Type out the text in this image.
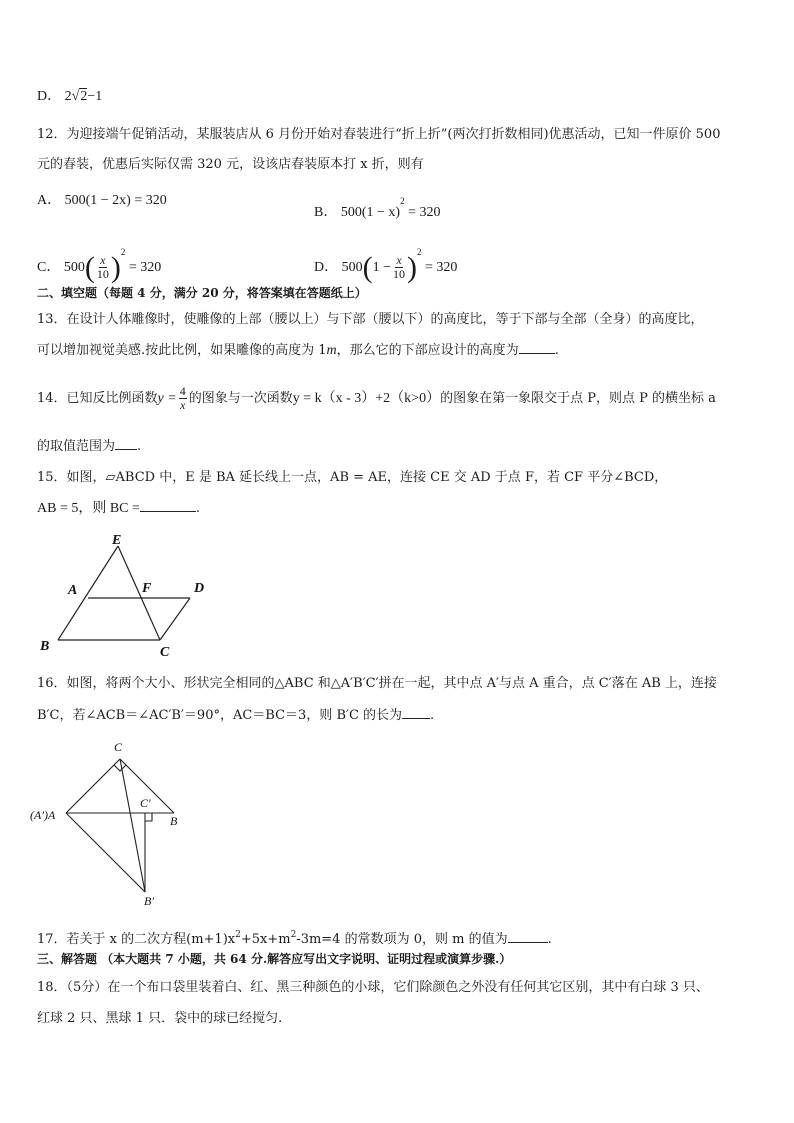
D． 2√2−1
12．为迎接端午促销活动，某服装店从 6 月份开始对春装进行“折上折”(两次打折数相同)优惠活动，已知一件原价 500
元的春装，优惠后实际仅需 320 元，设该店春装原本打 x 折，则有
A． 500(1 − 2x) = 320
B． $500(1 - x)^2 = 320$
C． $500( \frac{x}{10} )^2 = 320$	D． $500(1 - \frac{x}{10} )^2 = 320$
二、填空题（每题 4 分，满分 20 分，将答案填在答题纸上）
13．在设计人体雕像时，使雕像的上部（腰以上）与下部（腰以下）的高度比，等于下部与全部（全身）的高度比，
可以增加视觉美感.按此比例，如果雕像的高度为 1m，那么它的下部应设计的高度为	.
14．已知反比例函数$y = \frac{4}{x}$ 的图象与一次函数y = k（x - 3）+2（k>0）的图象在第一象限交于点 P，则点 P 的横坐标 a
的取值范围为 .
15．如图，▱ABCD 中，E 是 BA 延长线上一点，AB = AE，连接 CE 交 AD 于点 F，若 CF 平分∠BCD，
AB = 5，则 BC =	.
E
A	F	D
B	C
16．如图，将两个大小、形状完全相同的△ABC 和△A′B′C′拼在一起，其中点 A′与点 A 重合，点 C′落在 AB 上，连接
B′C，若∠ACB＝∠AC′B′＝90°，AC＝BC＝3，则 B′C 的长为 .
C
(A′)A
C′
B
B′
17．若关于 x 的二次方程$(m+1)x^2+5x+m^2-3m=4$ 的常数项为 0，则 m 的值为	.
三、解答题 （本大题共 7 小题，共 64 分.解答应写出文字说明、证明过程或演算步骤.）
18．（5分）在一个布口袋里装着白、红、黑三种颜色的小球，它们除颜色之外没有任何其它区别，其中有白球 3 只、
红球 2 只、黑球 1 只．袋中的球已经搅匀.
